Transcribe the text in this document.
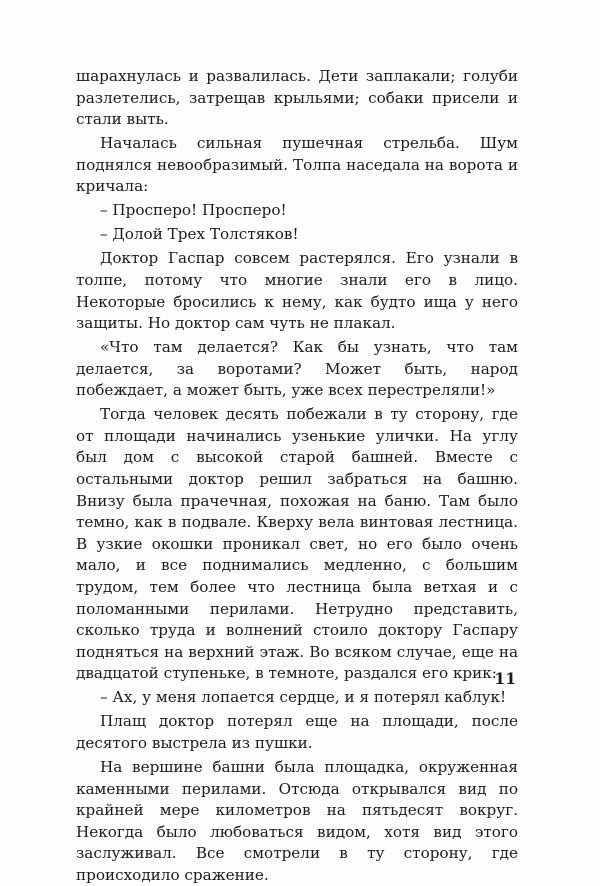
шарахнулась и развалилась. Дети заплакали; голуби разлетелись, затрещав крыльями; собаки присели и стали выть.

Началась сильная пушечная стрельба. Шум поднялся невообразимый. Толпа наседала на ворота и кричала:

– Просперо! Просперо!

– Долой Трех Толстяков!

Доктор Гаспар совсем растерялся. Его узнали в толпе, потому что многие знали его в лицо. Некоторые бросились к нему, как будто ища у него защиты. Но доктор сам чуть не плакал.

«Что там делается? Как бы узнать, что там делается, за воротами? Может быть, народ побеждает, а может быть, уже всех перестреляли!»

Тогда человек десять побежали в ту сторону, где от площади начинались узенькие улички. На углу был дом с высокой старой башней. Вместе с остальными доктор решил забраться на башню. Внизу была прачечная, похожая на баню. Там было темно, как в подвале. Кверху вела винтовая лестница. В узкие окошки проникал свет, но его было очень мало, и все поднимались медленно, с большим трудом, тем более что лестница была ветхая и с поломанными перилами. Нетрудно представить, сколько труда и волнений стоило доктору Гаспару подняться на верхний этаж. Во всяком случае, еще на двадцатой ступеньке, в темноте, раздался его крик:

– Ах, у меня лопается сердце, и я потерял каблук!

Плащ доктор потерял еще на площади, после десятого выстрела из пушки.

На вершине башни была площадка, окруженная каменными перилами. Отсюда открывался вид по крайней мере километров на пятьдесят вокруг. Некогда было любоваться видом, хотя вид этого заслуживал. Все смотрели в ту сторону, где происходило сражение.

11
